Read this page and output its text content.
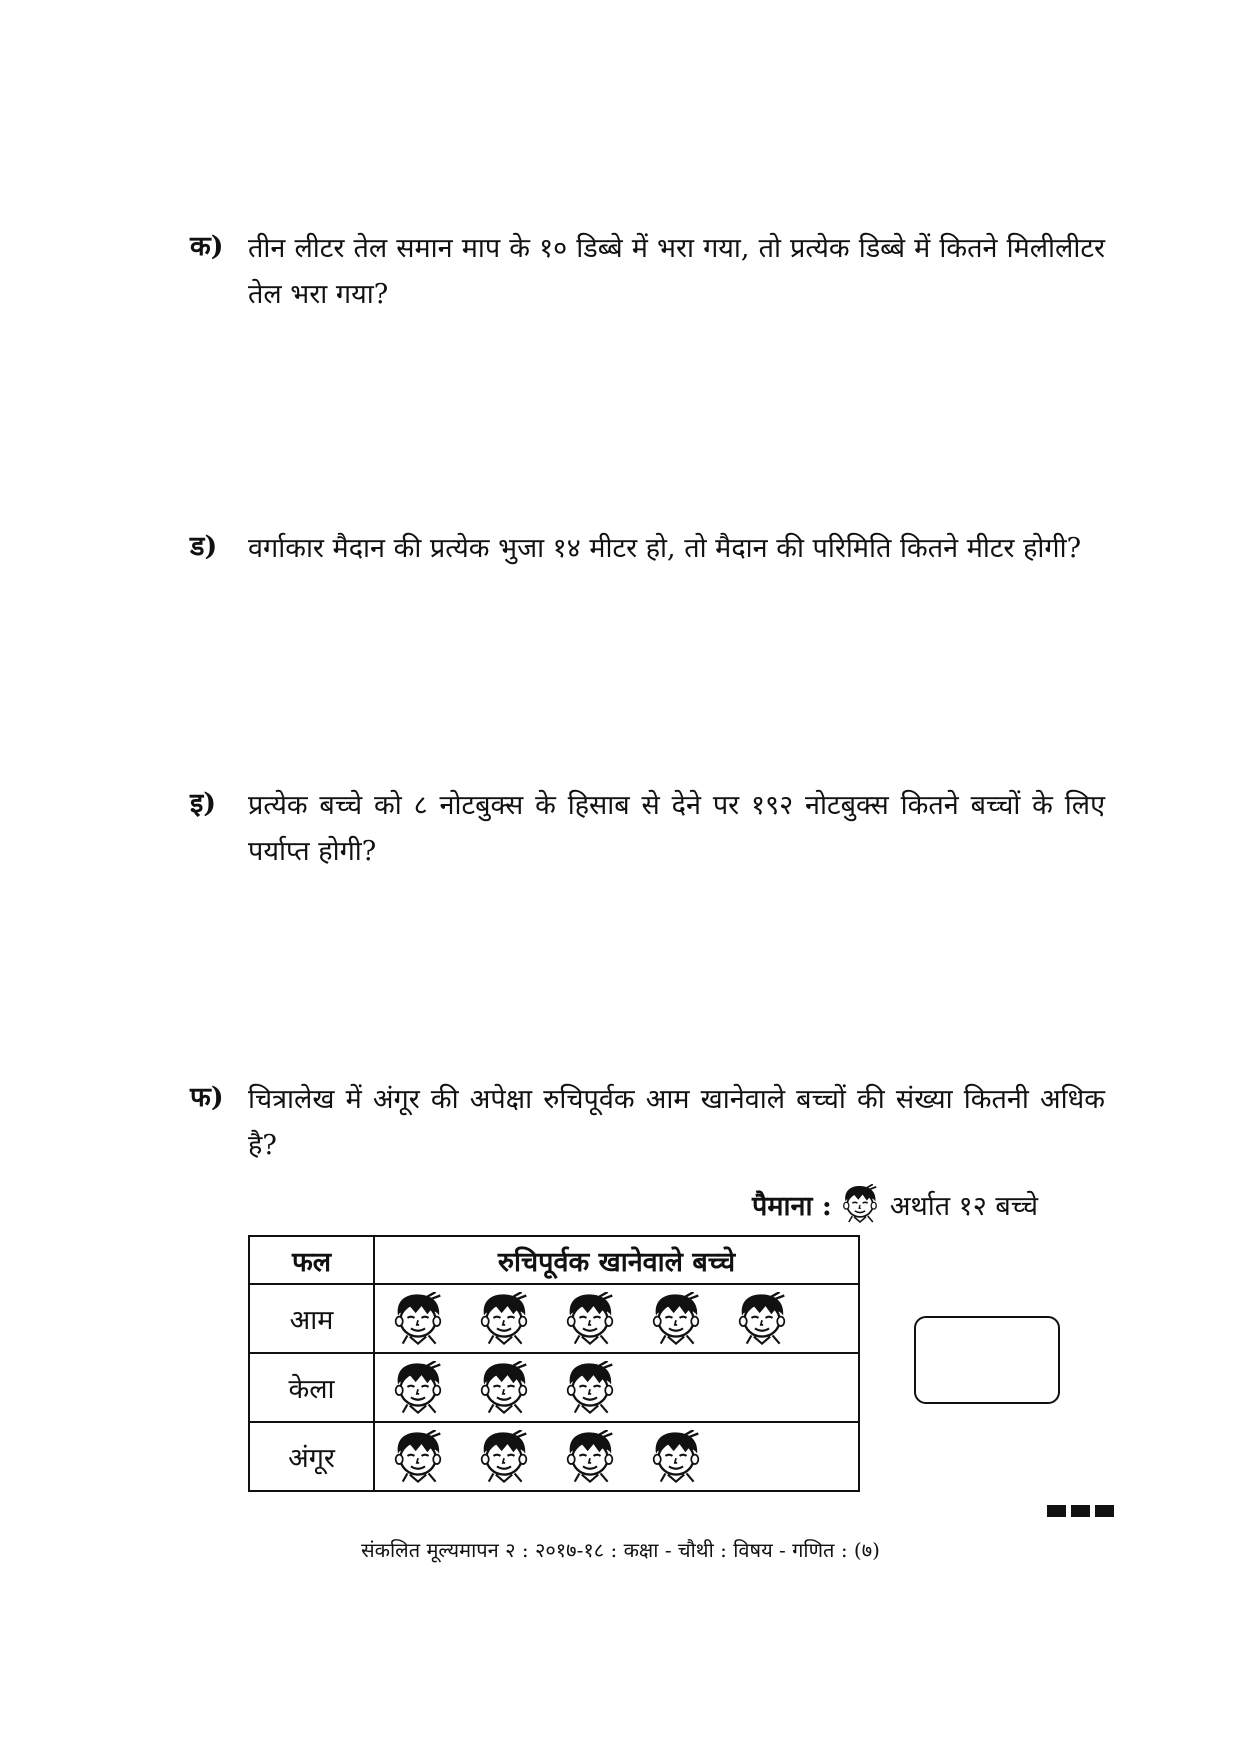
क) तीन लीटर तेल समान माप के १० डिब्बे में भरा गया, तो प्रत्येक डिब्बे में कितने मिलीलीटर तेल भरा गया?
ड) वर्गाकार मैदान की प्रत्येक भुजा १४ मीटर हो, तो मैदान की परिमिति कितने मीटर होगी?
इ) प्रत्येक बच्चे को ८ नोटबुक्स के हिसाब से देने पर १९२ नोटबुक्स कितने बच्चों के लिए पर्याप्त होगी?
फ) चित्रालेख में अंगूर की अपेक्षा रुचिपूर्वक आम खानेवाले बच्चों की संख्या कितनी अधिक है?
पैमाना : अर्थात १२ बच्चे
फल	रुचिपूर्वक खानेवाले बच्चे
आम	
केला	
अंगूर	
संकलित मूल्यमापन २ : २०१७-१८ : कक्षा - चौथी : विषय - गणित : (७)
